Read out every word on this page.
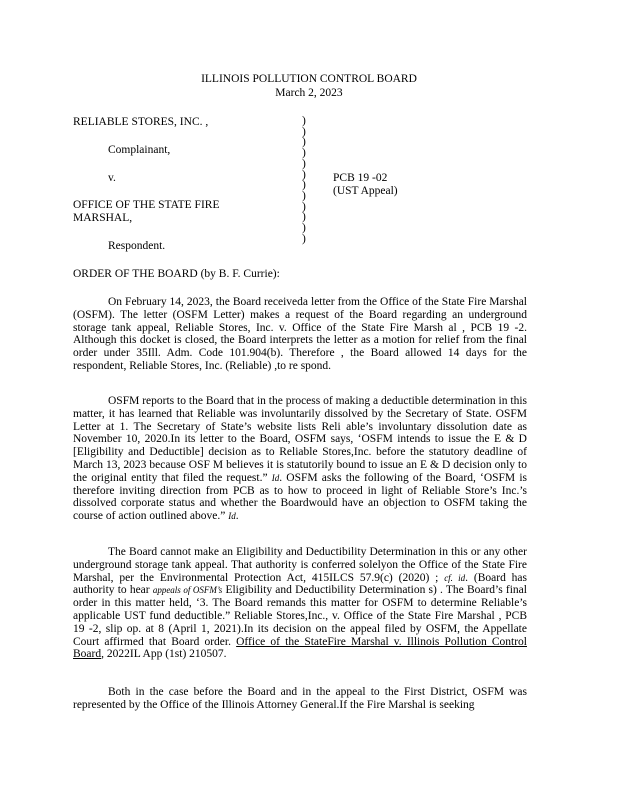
ILLINOIS POLLUTION CONTROL BOARD
March 2, 2023
RELIABLE STORES, INC. ,
Complainant,
v.
OFFICE OF THE STATE FIRE
MARSHAL,
Respondent.
)
)
)
)
)
)
)
)
)
)
)
)
PCB 19 -02
(UST Appeal)
ORDER OF THE BOARD (by B. F. Currie):

On February 14, 2023, the Board receiveda letter from the Office of the State Fire Marshal (OSFM). The letter (OSFM Letter) makes a request of the Board regarding an underground storage tank appeal, Reliable Stores, Inc. v. Office of the State Fire Marsh al , PCB 19 -2. Although this docket is closed, the Board interprets the letter as a motion for relief from the final order under 35Ill. Adm. Code 101.904(b). Therefore , the Board allowed 14 days for the respondent, Reliable Stores, Inc. (Reliable) ,to re spond.

OSFM reports to the Board that in the process of making a deductible determination in this matter, it has learned that Reliable was involuntarily dissolved by the Secretary of State. OSFM Letter at 1. The Secretary of State’s website lists Reli able’s involuntary dissolution date as November 10, 2020.In its letter to the Board, OSFM says, ‘OSFM intends to issue the E & D [Eligibility and Deductible] decision as to Reliable Stores,Inc. before the statutory deadline of March 13, 2023 because OSF M believes it is statutorily bound to issue an E & D decision only to the original entity that filed the request.” Id. OSFM asks the following of the Board, ‘OSFM is therefore inviting direction from PCB as to how to proceed in light of Reliable Store’s Inc.’s dissolved corporate status and whether the Boardwould have an objection to OSFM taking the course of action outlined above.” Id.

The Board cannot make an Eligibility and Deductibility Determination in this or any other underground storage tank appeal. That authority is conferred solelyon the Office of the State Fire Marshal, per the Environmental Protection Act, 415ILCS 57.9(c) (2020) ; cf. id. (Board has authority to hear appeals of OSFM’s Eligibility and Deductibility Determination s) . The Board’s final order in this matter held, ‘3. The Board remands this matter for OSFM to determine Reliable’s applicable UST fund deductible.” Reliable Stores,Inc., v. Office of the State Fire Marshal , PCB 19 -2, slip op. at 8 (April 1, 2021).In its decision on the appeal filed by OSFM, the Appellate Court affirmed that Board order. Office of the StateFire Marshal v. Illinois Pollution Control Board, 2022IL App (1st) 210507.

Both in the case before the Board and in the appeal to the First District, OSFM was represented by the Office of the Illinois Attorney General.If the Fire Marshal is seeking
